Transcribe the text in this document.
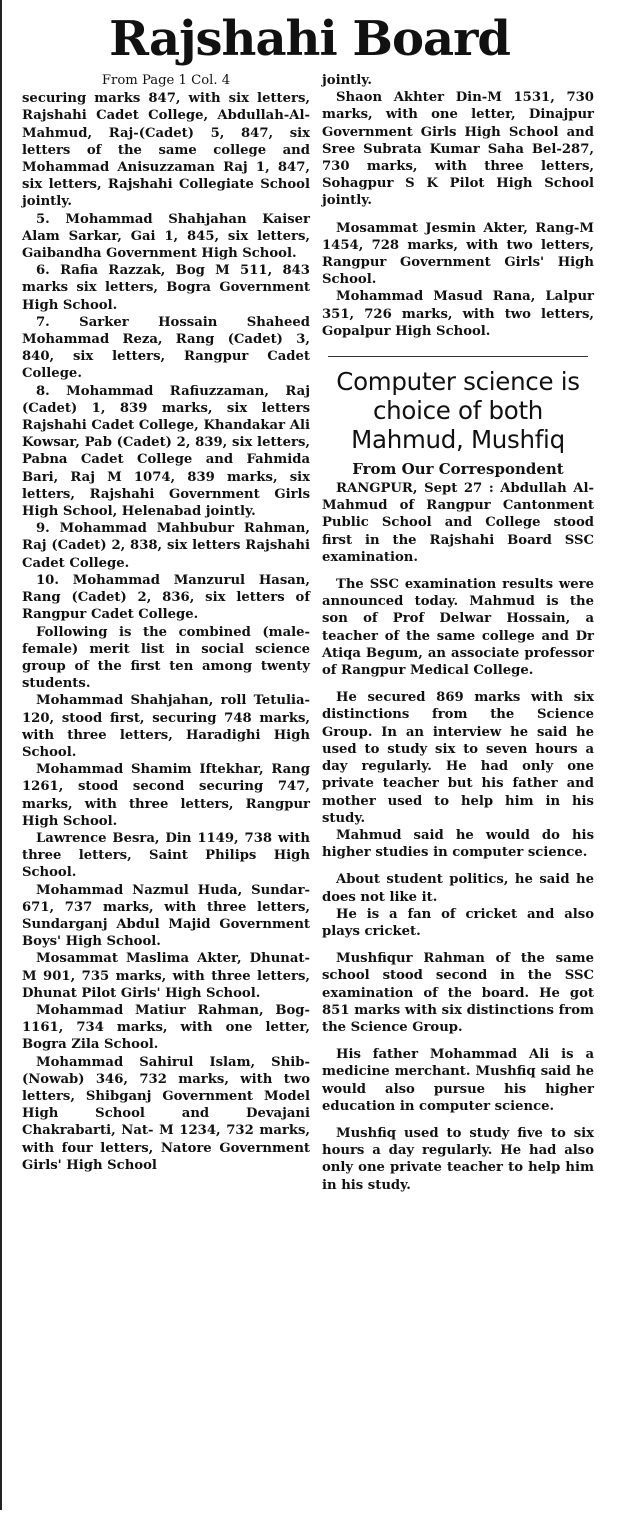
Rajshahi Board

From Page 1 Col. 4

securing marks 847, with six letters, Rajshahi Cadet College, Abdullah-Al-Mahmud, Raj-(Cadet) 5, 847, six letters of the same college and Mohammad Anisuzzaman Raj 1, 847, six letters, Rajshahi Collegiate School jointly.

5. Mohammad Shahjahan Kaiser Alam Sarkar, Gai 1, 845, six letters, Gaibandha Government High School.

6. Rafia Razzak, Bog M 511, 843 marks six letters, Bogra Government High School.

7. Sarker Hossain Shaheed Mohammad Reza, Rang (Cadet) 3, 840, six letters, Rangpur Cadet College.

8. Mohammad Rafiuzzaman, Raj (Cadet) 1, 839 marks, six letters Rajshahi Cadet College, Khandakar Ali Kowsar, Pab (Cadet) 2, 839, six letters, Pabna Cadet College and Fahmida Bari, Raj M 1074, 839 marks, six letters, Rajshahi Government Girls High School, Helenabad jointly.

9. Mohammad Mahbubur Rahman, Raj (Cadet) 2, 838, six letters Rajshahi Cadet College.

10. Mohammad Manzurul Hasan, Rang (Cadet) 2, 836, six letters of Rangpur Cadet College.

Following is the combined (male-female) merit list in social science group of the first ten among twenty students.

Mohammad Shahjahan, roll Tetulia- 120, stood first, securing 748 marks, with three letters, Haradighi High School.

Mohammad Shamim Iftekhar, Rang 1261, stood second securing 747, marks, with three letters, Rangpur High School.

Lawrence Besra, Din 1149, 738 with three letters, Saint Philips High School.

Mohammad Nazmul Huda, Sundar- 671, 737 marks, with three letters, Sundarganj Abdul Majid Government Boys' High School.

Mosammat Maslima Akter, Dhunat-M 901, 735 marks, with three letters, Dhunat Pilot Girls' High School.

Mohammad Matiur Rahman, Bog-1161, 734 marks, with one letter, Bogra Zila School.

Mohammad Sahirul Islam, Shib- (Nowab) 346, 732 marks, with two letters, Shibganj Government Model High School and Devajani Chakrabarti, Nat- M 1234, 732 marks, with four letters, Natore Government Girls' High School

jointly.

Shaon Akhter Din-M 1531, 730 marks, with one letter, Dinajpur Government Girls High School and Sree Subrata Kumar Saha Bel-287, 730 marks, with three letters, Sohagpur S K Pilot High School jointly.

Mosammat Jesmin Akter, Rang-M 1454, 728 marks, with two letters, Rangpur Government Girls' High School.

Mohammad Masud Rana, Lalpur 351, 726 marks, with two letters, Gopalpur High School.

Computer science is choice of both Mahmud, Mushfiq
From Our Correspondent

RANGPUR, Sept 27 : Abdullah Al-Mahmud of Rangpur Cantonment Public School and College stood first in the Rajshahi Board SSC examination.

The SSC examination results were announced today. Mahmud is the son of Prof Delwar Hossain, a teacher of the same college and Dr Atiqa Begum, an associate professor of Rangpur Medical College.

He secured 869 marks with six distinctions from the Science Group. In an interview he said he used to study six to seven hours a day regularly. He had only one private teacher but his father and mother used to help him in his study.

Mahmud said he would do his higher studies in computer science.

About student politics, he said he does not like it.

He is a fan of cricket and also plays cricket.

Mushfiqur Rahman of the same school stood second in the SSC examination of the board. He got 851 marks with six distinctions from the Science Group.

His father Mohammad Ali is a medicine merchant. Mushfiq said he would also pursue his higher education in computer science.

Mushfiq used to study five to six hours a day regularly. He had also only one private teacher to help him in his study.
